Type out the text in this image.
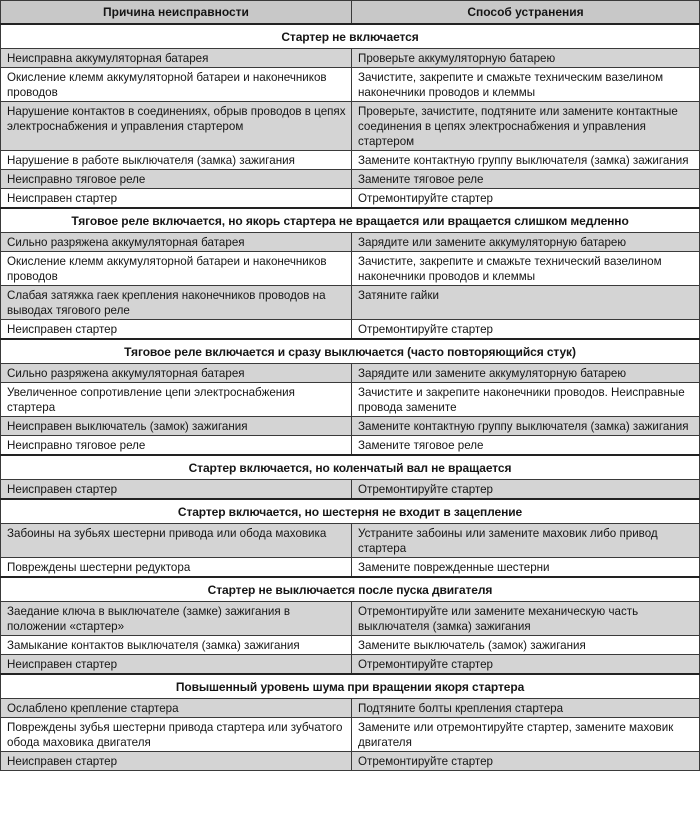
Причина неисправности	Способ устранения
Стартер не включается	
Неисправна аккумуляторная батарея	Проверьте аккумуляторную батарею
Окисление клемм аккумуляторной батареи и наконечников проводов	Зачистите, закрепите и смажьте техническим вазелином наконечники проводов и клеммы
Нарушение контактов в соединениях, обрыв проводов в цепях электроснабжения и управления стартером	Проверьте, зачистите, подтяните или замените контактные соединения в цепях электроснабжения и управления стартером
Нарушение в работе выключателя (замка) зажигания	Замените контактную группу выключателя (замка) зажигания
Неисправно тяговое реле	Замените тяговое реле
Неисправен стартер	Отремонтируйте стартер
Тяговое реле включается, но якорь стартера не вращается или вращается слишком медленно	
Сильно разряжена аккумуляторная батарея	Зарядите или замените аккумуляторную батарею
Окисление клемм аккумуляторной батареи и наконечников проводов	Зачистите, закрепите и смажьте технический вазелином наконечники проводов и клеммы
Слабая затяжка гаек крепления наконечников проводов на выводах тягового реле	Затяните гайки
Неисправен стартер	Отремонтируйте стартер
Тяговое реле включается и сразу выключается (часто повторяющийся стук)	
Сильно разряжена аккумуляторная батарея	Зарядите или замените аккумуляторную батарею
Увеличенное сопротивление цепи электроснабжения стартера	Зачистите и закрепите наконечники проводов. Неисправные провода замените
Неисправен выключатель (замок) зажигания	Замените контактную группу выключателя (замка) зажигания
Неисправно тяговое реле	Замените тяговое реле
Стартер включается, но коленчатый вал не вращается	
Неисправен стартер	Отремонтируйте стартер
Стартер включается, но шестерня не входит в зацепление	
Забоины на зубьях шестерни привода или обода маховика	Устраните забоины или замените маховик либо привод стартера
Повреждены шестерни редуктора	Замените поврежденные шестерни
Стартер не выключается после пуска двигателя	
Заедание ключа в выключателе (замке) зажигания в положении «стартер»	Отремонтируйте или замените механическую часть выключателя (замка) зажигания
Замыкание контактов выключателя (замка) зажигания	Замените выключатель (замок) зажигания
Неисправен стартер	Отремонтируйте стартер
Повышенный уровень шума при вращении якоря стартера	
Ослаблено крепление стартера	Подтяните болты крепления стартера
Повреждены зубья шестерни привода стартера или зубчатого обода маховика двигателя	Замените или отремонтируйте стартер, замените маховик двигателя
Неисправен стартер	Отремонтируйте стартер
